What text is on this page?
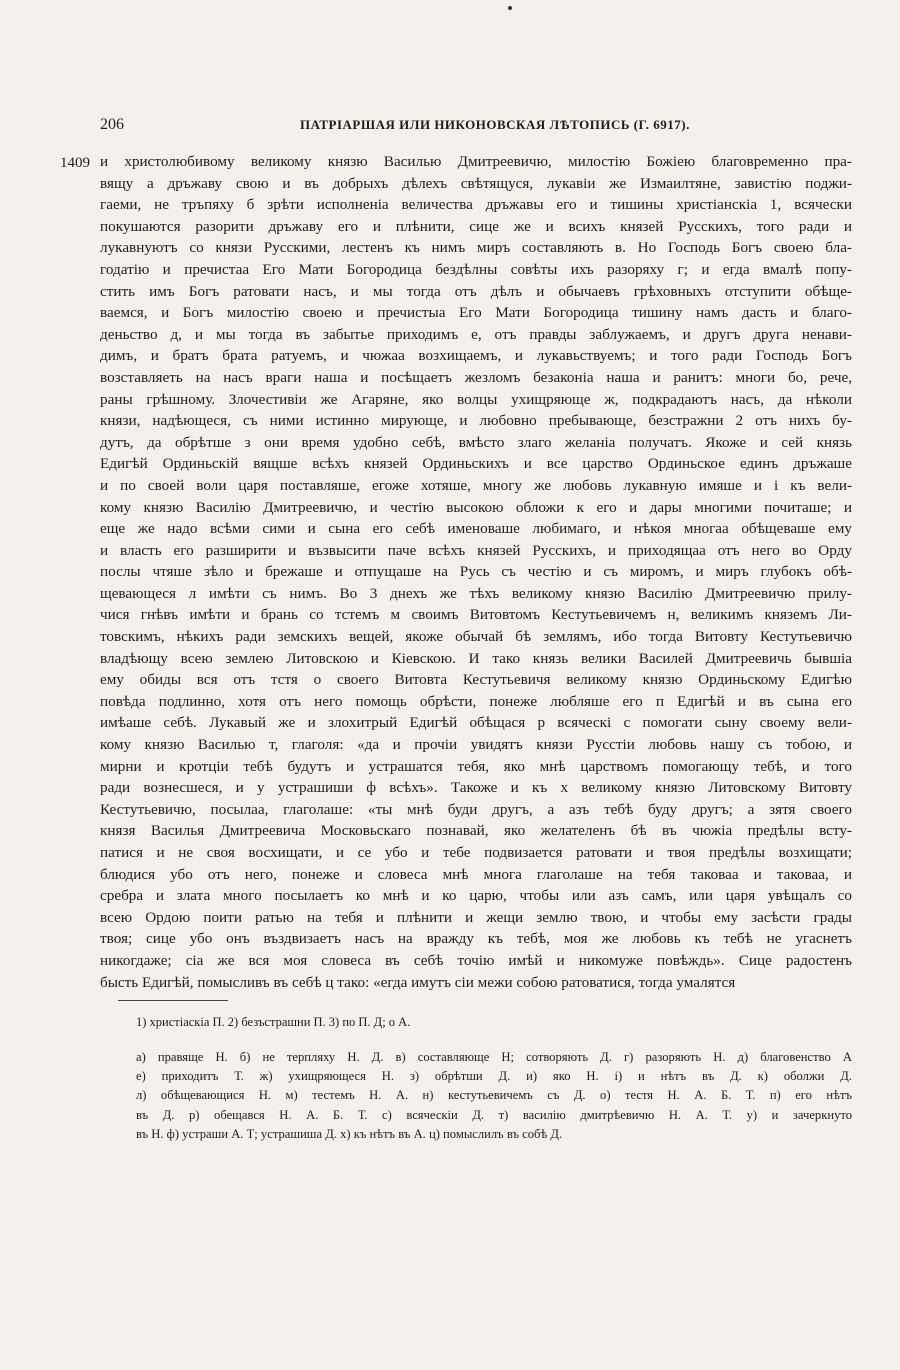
206	ПАТРІАРШАЯ ИЛИ НИКОНОВСКАЯ ЛѢТОПИСЬ (Г. 6917).
1409 и христолюбивому великому князю Василью Дмитреевичю, милостію Божіею благовременно пра-
вящу а дръжаву свою и въ добрыхъ дѣлехъ свѣтящуся, лукавіи же Измаилтяне, завистію поджи-
гаеми, не тръпяху б зрѣти исполненіа величества дръжавы его и тишины христіанскіа 1, всячески
покушаются разорити дръжаву его и плѣнити, сице же и всихъ князей Русскихъ, того ради и
лукавнуютъ со князи Русскими, лестенъ къ нимъ миръ составляють в. Но Господь Богъ своею бла-
годатію и пречистаа Его Мати Богородица бездѣлны совѣты ихъ разоряху г; и егда вмалѣ попу-
стить имъ Богъ ратовати насъ, и мы тогда отъ дѣлъ и обычаевъ грѣховныхъ отступити обѣще-
ваемся, и Богъ милостію своею и пречистыа Его Мати Богородица тишину намъ дасть и благо-
деньство д, и мы тогда въ забытье приходимъ е, отъ правды заблужаемъ, и другъ друга ненави-
димъ, и братъ брата ратуемъ, и чюжаа возхищаемъ, и лукавьствуемъ; и того ради Господь Богъ
возставляеть на насъ враги наша и посѣщаетъ жезломъ безаконіа наша и ранитъ: многи бо, рече,
раны грѣшному. Злочестивіи же Агаряне, яко волцы ухищряюще ж, подкрадаютъ насъ, да нѣколи
князи, надѣющеся, съ ними истинно мирующе, и любовно пребывающе, безстражни 2 отъ нихъ бу-
дутъ, да обрѣтше з они время удобно себѣ, вмѣсто злаго желаніа получатъ. Якоже и сей князь
Едигѣй Ординьскій вящше всѣхъ князей Ординьскихъ и все царство Ординьское единъ дръжаше
и по своей воли царя поставляше, егоже хотяше, многу же любовь лукавную имяше и і къ вели-
кому князю Василію Дмитреевичю, и честію высокою обложи к его и дары многими почиташе; и
еще же надо всѣми сими и сына его себѣ именоваше любимаго, и нѣкоя многаа обѣщеваше ему
и власть его разширити и възвысити паче всѣхъ князей Русскихъ, и приходящаа отъ него во Орду
послы чтяше зѣло и брежаше и отпущаше на Русь съ честію и съ миромъ, и миръ глубокъ обѣ-
щевающеся л имѣти съ нимъ. Во 3 днехъ же тѣхъ великому князю Василію Дмитреевичю прилу-
чися гнѣвъ имѣти и брань со тстемъ м своимъ Витовтомъ Кестутьевичемъ н, великимъ княземъ Ли-
товскимъ, нѣкихъ ради земскихъ вещей, якоже обычай бѣ землямъ, ибо тогда Витовту Кестутьевичю
владѣющу всею землею Литовскою и Кіевскою. И тако князь велики Василей Дмитреевичь бывшіа
ему обиды вся отъ тстя о своего Витовта Кестутьевичя великому князю Ординьскому Едигѣю
повѣда подлинно, хотя отъ него помощь обрѣсти, понеже любляше его п Едигѣй и въ сына его
имѣаше себѣ. Лукавый же и злохитрый Едигѣй обѣщася р всяческі с помогати сыну своему вели-
кому князю Василью т, глаголя: «да и прочіи увидятъ князи Русстіи любовь нашу съ тобою, и
мирни и кротціи тебѣ будутъ и устрашатся тебя, яко мнѣ царствомъ помогающу тебѣ, и того
ради вознесшеся, и у устрашиши ф всѣхъ». Такоже и къ х великому князю Литовскому Витовту
Кестутьевичю, посылаа, глаголаше: «ты мнѣ буди другъ, а азъ тебѣ буду другъ; а зятя своего
князя Василья Дмитреевича Московьскаго познавай, яко желателенъ бѣ въ чюжіа предѣлы всту-
патися и не своя восхищати, и се убо и тебе подвизается ратовати и твоя предѣлы возхищати;
блюдися убо отъ него, понеже и словеса мнѣ многа глаголаше на тебя таковаа и таковаа, и
сребра и злата много посылаетъ ко мнѣ и ко царю, чтобы или азъ самъ, или царя увѣщалъ со
всею Ордою поити ратью на тебя и плѣнити и жещи землю твою, и чтобы ему засѣсти грады
твоя; сице убо онъ въздвизаетъ насъ на вражду къ тебѣ, моя же любовь къ тебѣ не угаснетъ
никогдаже; сіа же вся моя словеса въ себѣ точію имѣй и никомуже повѣждь». Сице радостенъ
бысть Едигѣй, помысливъ въ себѣ ц тако: «егда имутъ сіи межи собою ратоватися, тогда умалятся
1) христіаскіа П. 2) безъстрашни П. 3) по П. Д; о А.
а) правяще Н. б) не терпляху Н. Д. в) составляюще Н; сотворяють Д. г) разоряють Н. д) благовенство А
е) приходитъ Т. ж) ухищряющеся Н. з) обрѣтши Д. и) яко Н. і) и нѣтъ въ Д. к) оболжи Д.
л) обѣщевающися Н. м) тестемъ Н. А. н) кестутьевичемъ съ Д. о) тестя Н. А. Б. Т. п) его нѣтъ
въ Д. р) обещався Н. А. Б. Т. с) всяческіи Д. т) василію дмитрѣевичю Н. А. Т. у) и зачеркнуто
въ Н. ф) устраши А. Т; устрашиша Д. х) къ нѣтъ въ А. ц) помыслилъ въ собѣ Д.
